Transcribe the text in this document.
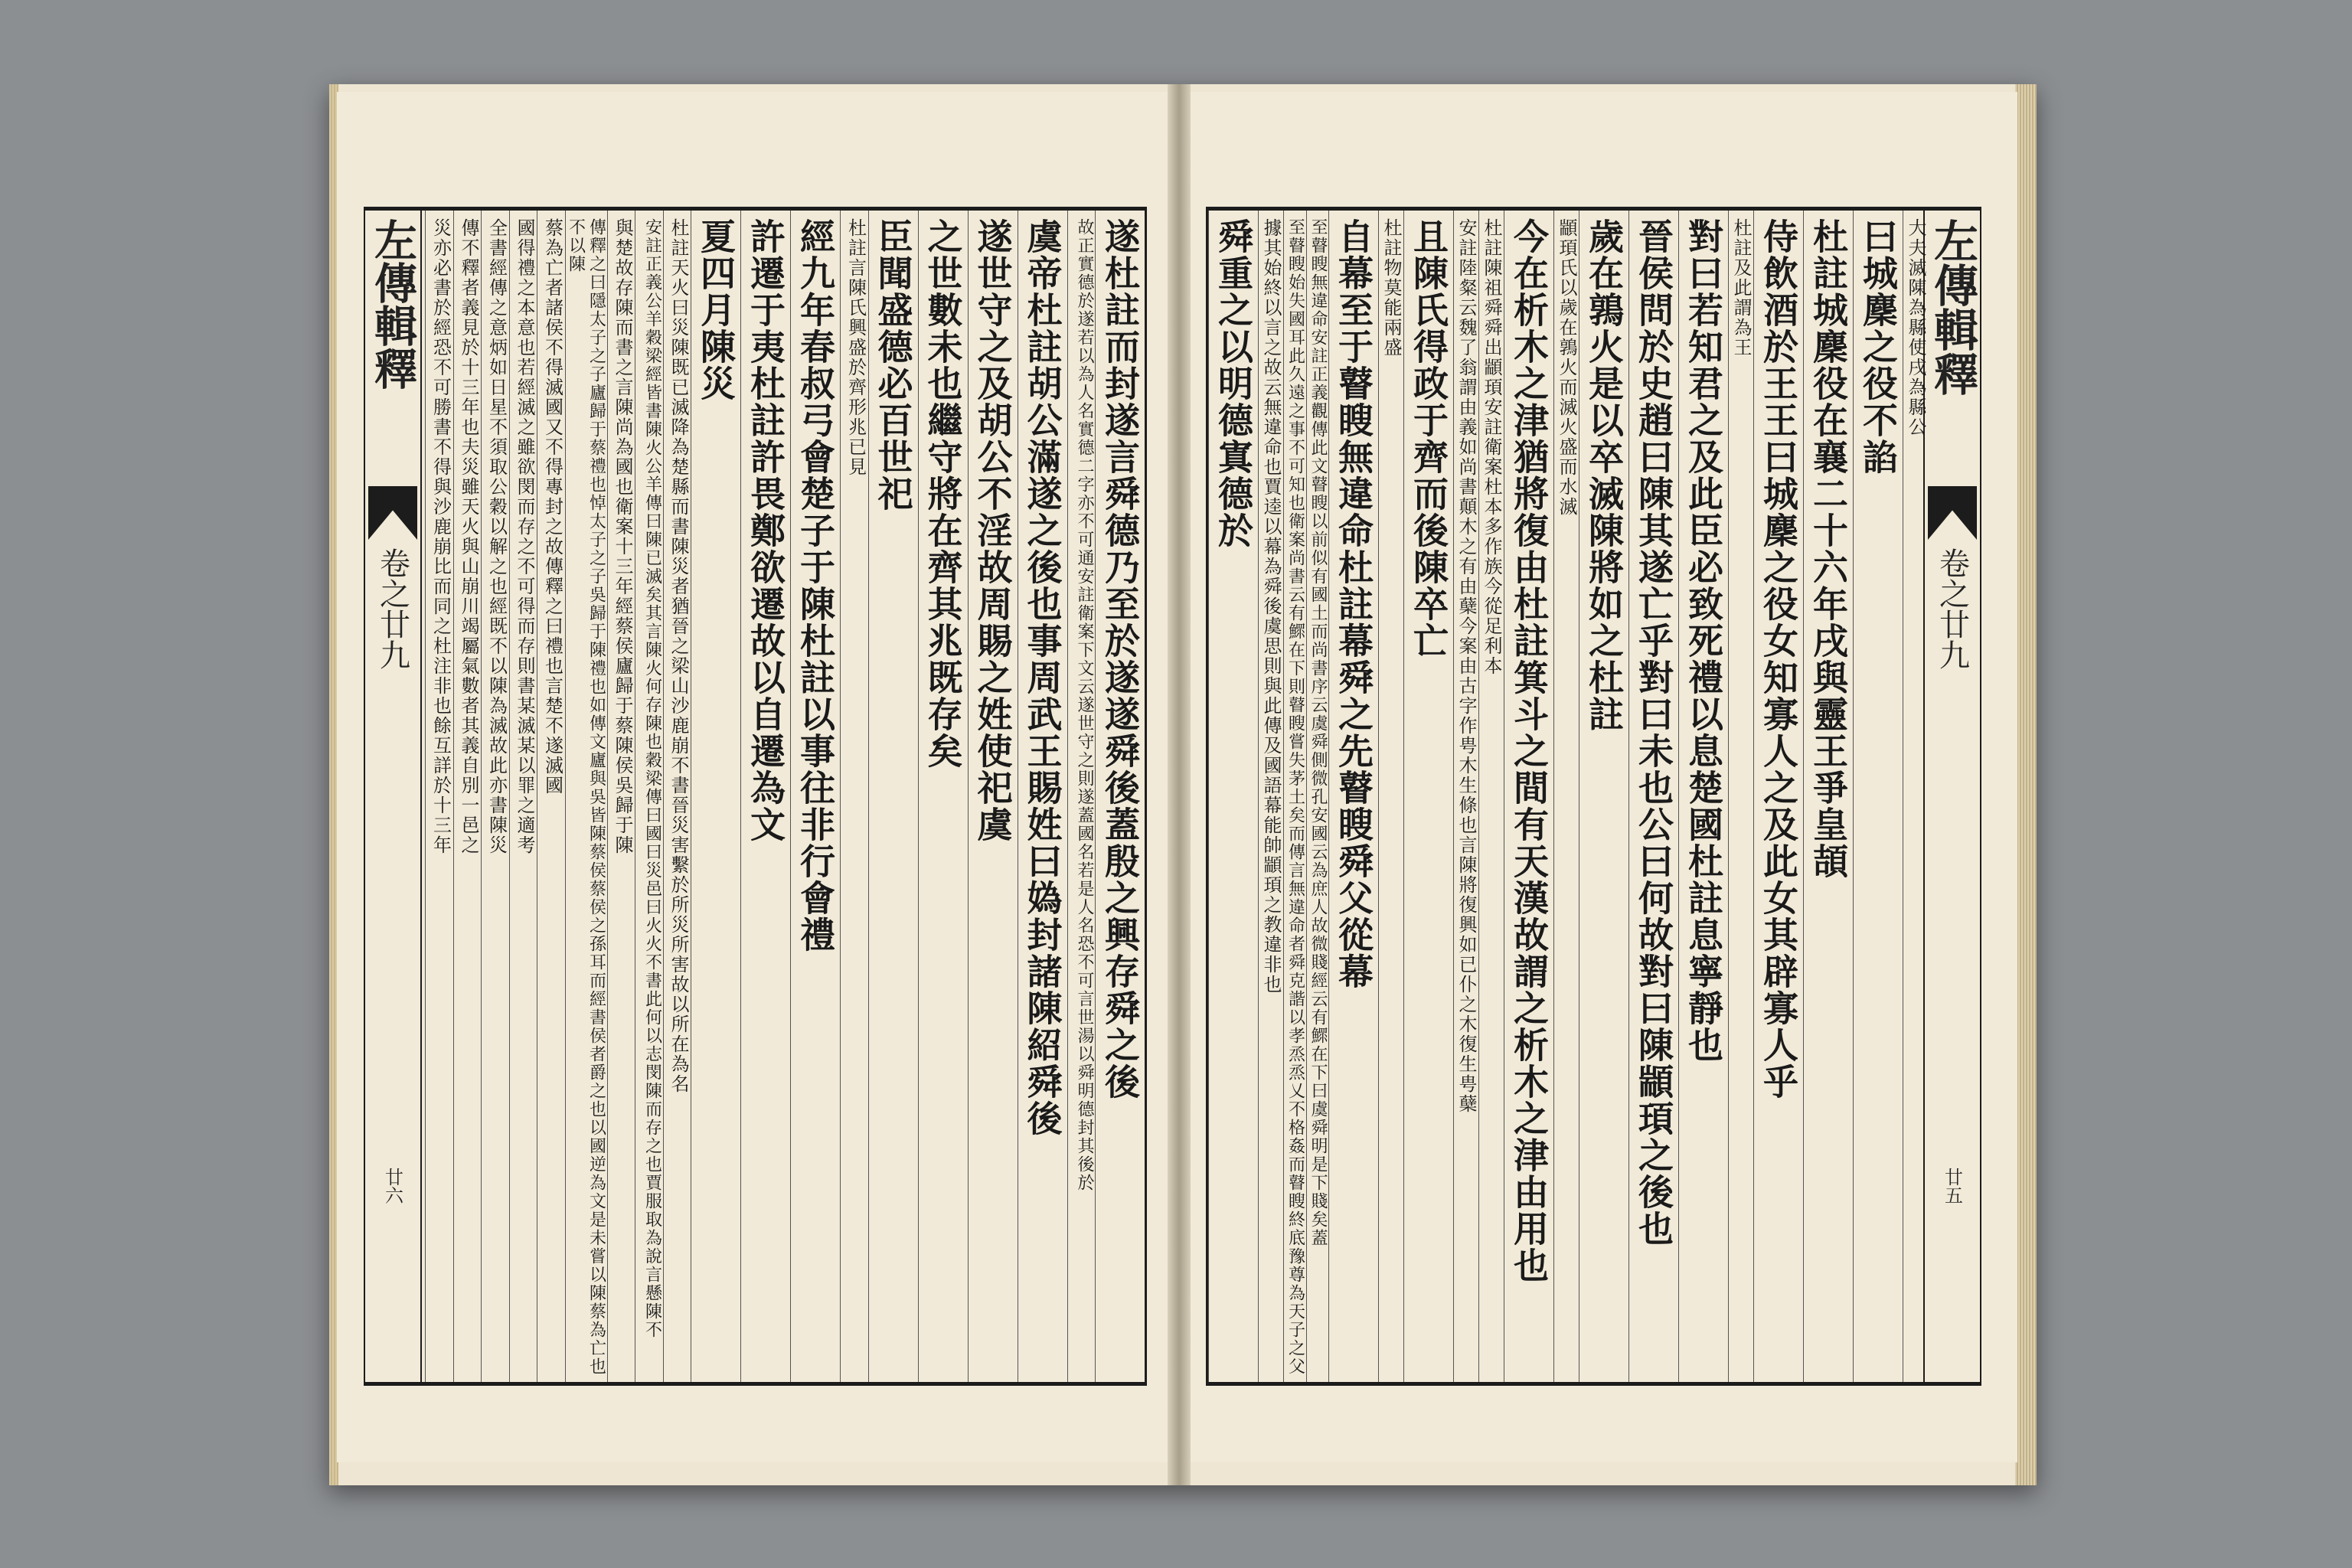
左傳輯釋
卷之廿九
廿六
遂杜註而封遂言舜德乃至於遂遂舜後蓋殷之興存舜之後
故正實德於遂若以為人名實德二字亦不可通安註衛案下文云遂世守之則遂蓋國名若是人名恐不可言世湯以舜明德封其後於
虞帝杜註胡公滿遂之後也事周武王賜姓曰媯封諸陳紹舜後
遂世守之及胡公不淫故周賜之姓使祀虞
之世數未也繼守將在齊其兆既存矣
臣聞盛德必百世祀
杜註言陳氏興盛於齊形兆已見
經九年春叔弓會楚子于陳杜註以事往非行會禮
許遷于夷杜註許畏鄭欲遷故以自遷為文
夏四月陳災
杜註天火曰災陳既已滅降為楚縣而書陳災者猶晉之梁山沙鹿崩不書晉災害繫於所災所害故以所在為名
安註正義公羊穀梁經皆書陳火公羊傳曰陳已滅矣其言陳火何存陳也穀梁傳曰國曰災邑曰火火不書此何以志閔陳而存之也賈服取為說言懸陳不
與楚故存陳而書之言陳尚為國也衛案十三年經蔡侯廬歸于蔡陳侯吳歸于陳
傳釋之曰隱太子之子廬歸于蔡禮也悼太子之子吳歸于陳禮也如傳文廬與吳皆陳蔡侯蔡侯之孫耳而經書侯者爵之也以國逆為文是未嘗以陳蔡為亡也不以陳
蔡為亡者諸侯不得滅國又不得專封之故傳釋之曰禮也言楚不遂滅國
國得禮之本意也若經滅之雖欲閔而存之不可得而存則書某滅某以罪之適考
全書經傳之意炳如日星不須取公穀以解之也經既不以陳為滅故此亦書陳災
傳不釋者義見於十三年也夫災雖天火與山崩川竭屬氣數者其義自別一邑之
災亦必書於經恐不可勝書不得與沙鹿崩比而同之杜注非也餘互詳於十三年	左傳輯釋
卷之廿九
廿五
大夫滅陳為縣使戌為縣公
曰城麇之役不諂
杜註城麇役在襄二十六年戌與靈王爭皇頡
侍飲酒於王王曰城麇之役女知寡人之及此女其辟寡人乎
杜註及此謂為王
對曰若知君之及此臣必致死禮以息楚國杜註息寧靜也
晉侯問於史趙曰陳其遂亡乎對曰未也公曰何故對曰陳顓頊之後也
歲在鶉火是以卒滅陳將如之杜註
顓頊氏以歲在鶉火而滅火盛而水滅
今在析木之津猶將復由杜註箕斗之間有天漢故謂之析木之津由用也
杜註陳祖舜舜出顓頊安註衛案杜本多作族今從足利本
安註陸粲云魏了翁謂由義如尚書顛木之有由蘖今案由古字作甹木生條也言陳將復興如已仆之木復生甹蘖
且陳氏得政于齊而後陳卒亡
杜註物莫能兩盛
自幕至于瞽瞍無違命杜註幕舜之先瞽瞍舜父從幕
至瞽瞍無違命安註正義觀傳此文瞽瞍以前似有國土而尚書序云虞舜側微孔安國云為庶人故微賤經云有鰥在下曰虞舜明是下賤矣蓋
至瞽瞍始失國耳此久遠之事不可知也衛案尚書云有鰥在下則瞽瞍嘗失茅土矣而傳言無違命者舜克諧以孝烝烝乂不格姦而瞽瞍終底豫尊為天子之父
據其始終以言之故云無違命也賈逵以幕為舜後虞思則與此傳及國語幕能帥顓頊之教違非也
舜重之以明德寘德於
